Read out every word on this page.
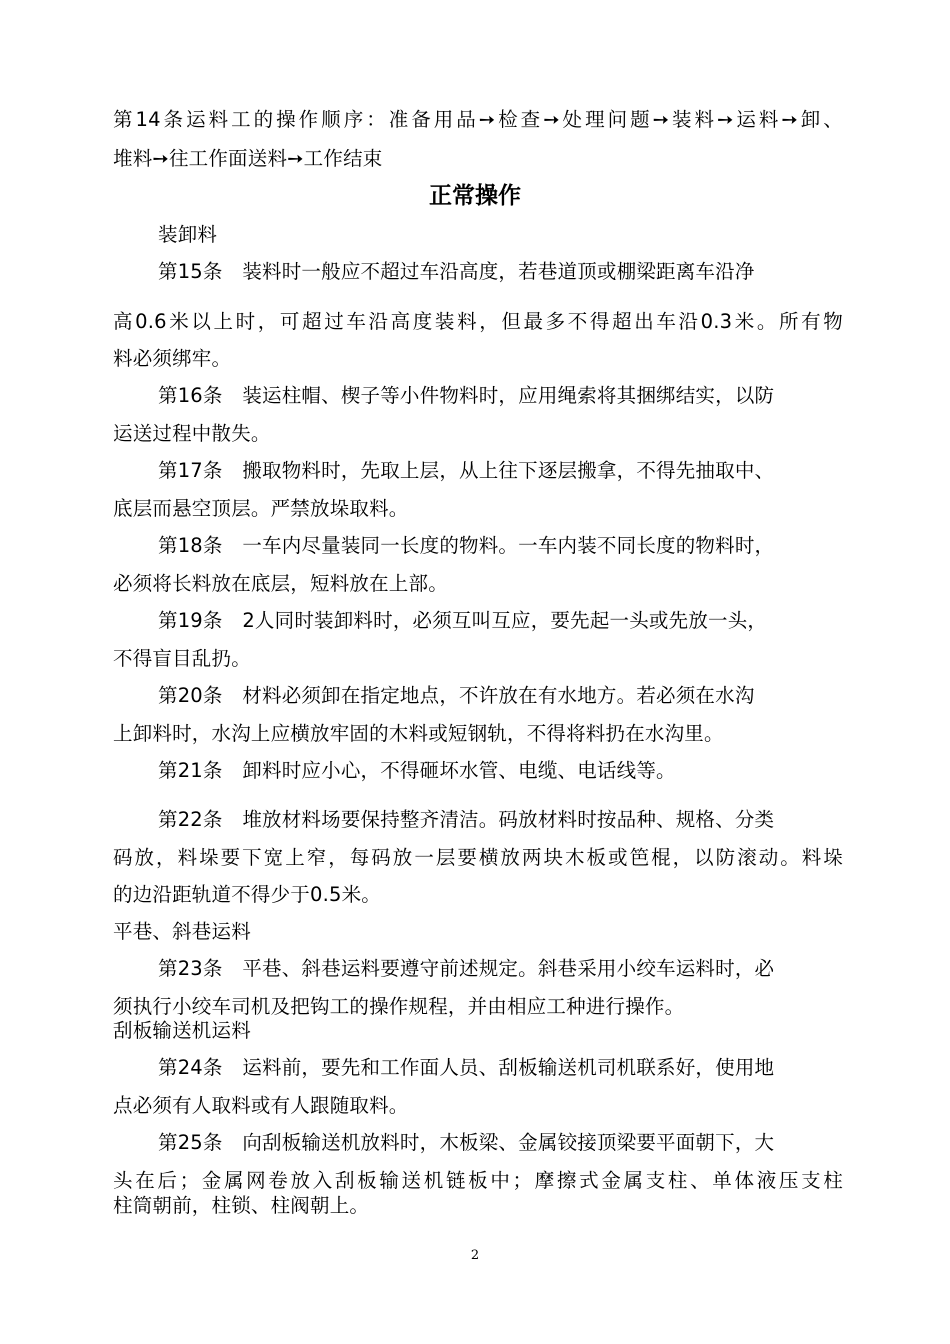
第14条运料工的操作顺序：准备用品➙检查➙处理问题➙装料➙运料➙卸、
堆料➙往工作面送料➙工作结束
正常操作
装卸料
第15条　装料时一般应不超过车沿高度，若巷道顶或棚梁距离车沿净
高0.6米以上时，可超过车沿高度装料，但最多不得超出车沿0.3米。所有物
料必须绑牢。
第16条　装运柱帽、楔子等小件物料时，应用绳索将其捆绑结实，以防
运送过程中散失。
第17条　搬取物料时，先取上层，从上往下逐层搬拿，不得先抽取中、
底层而悬空顶层。严禁放垛取料。
第18条　一车内尽量装同一长度的物料。一车内装不同长度的物料时，
必须将长料放在底层，短料放在上部。
第19条　2人同时装卸料时，必须互叫互应，要先起一头或先放一头，
不得盲目乱扔。
第20条　材料必须卸在指定地点，不许放在有水地方。若必须在水沟
上卸料时，水沟上应横放牢固的木料或短钢轨，不得将料扔在水沟里。
第21条　卸料时应小心，不得砸坏水管、电缆、电话线等。
第22条　堆放材料场要保持整齐清洁。码放材料时按品种、规格、分类
码放，料垛要下宽上窄，每码放一层要横放两块木板或笆棍，以防滚动。料垛
的边沿距轨道不得少于0.5米。
平巷、斜巷运料
第23条　平巷、斜巷运料要遵守前述规定。斜巷采用小绞车运料时，必
须执行小绞车司机及把钩工的操作规程，并由相应工种进行操作。
刮板输送机运料
第24条　运料前，要先和工作面人员、刮板输送机司机联系好，使用地
点必须有人取料或有人跟随取料。
第25条　向刮板输送机放料时，木板梁、金属铰接顶梁要平面朝下，大
头在后；金属网卷放入刮板输送机链板中；摩擦式金属支柱、单体液压支柱
柱筒朝前，柱锁、柱阀朝上。
2
